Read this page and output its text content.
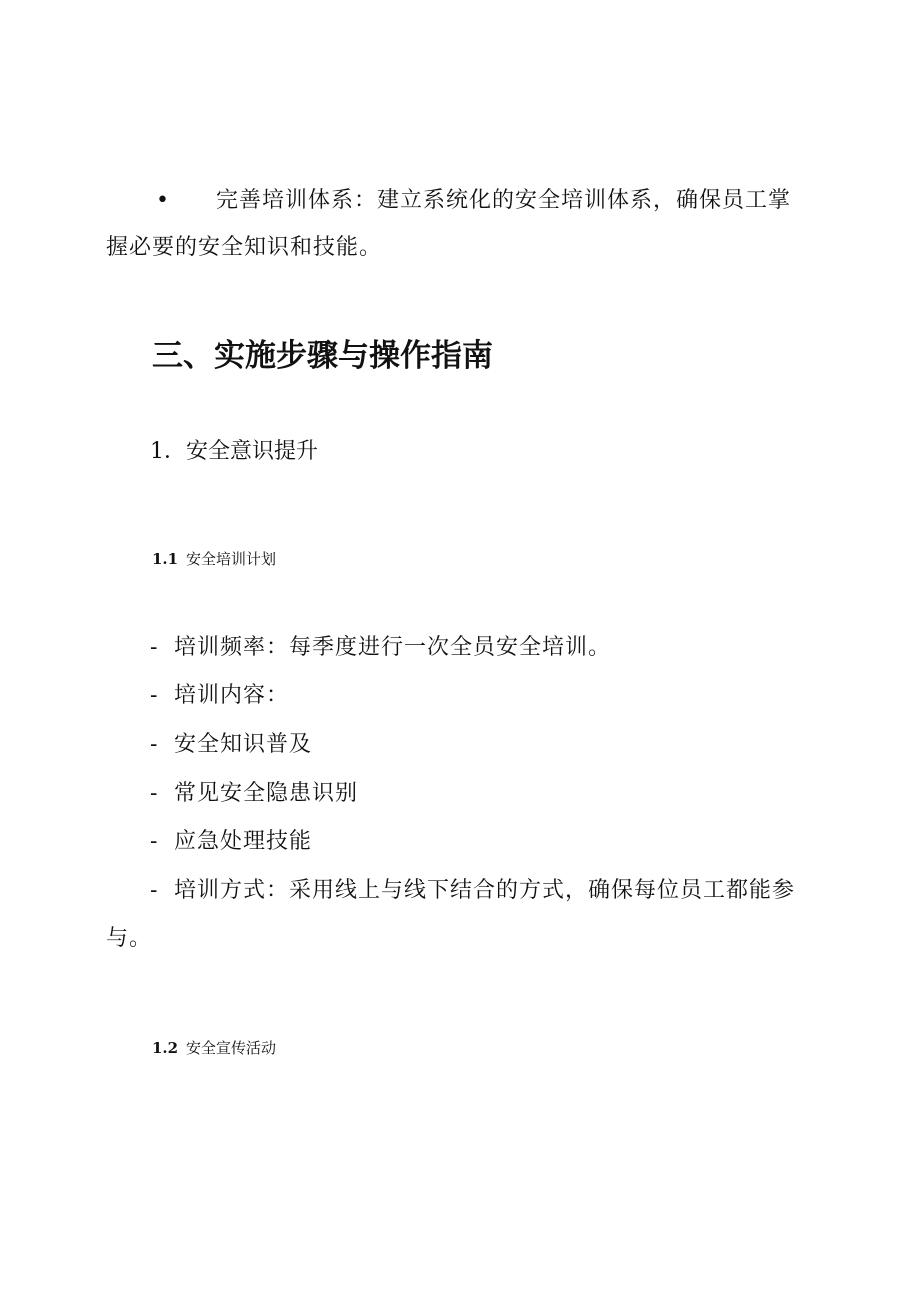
• 完善培训体系：建立系统化的安全培训体系，确保员工掌
握必要的安全知识和技能。
三、实施步骤与操作指南
1．安全意识提升
1.1 安全培训计划
- 培训频率：每季度进行一次全员安全培训。
- 培训内容：
- 安全知识普及
- 常见安全隐患识别
- 应急处理技能
- 培训方式：采用线上与线下结合的方式，确保每位员工都能参
与。
1.2 安全宣传活动
